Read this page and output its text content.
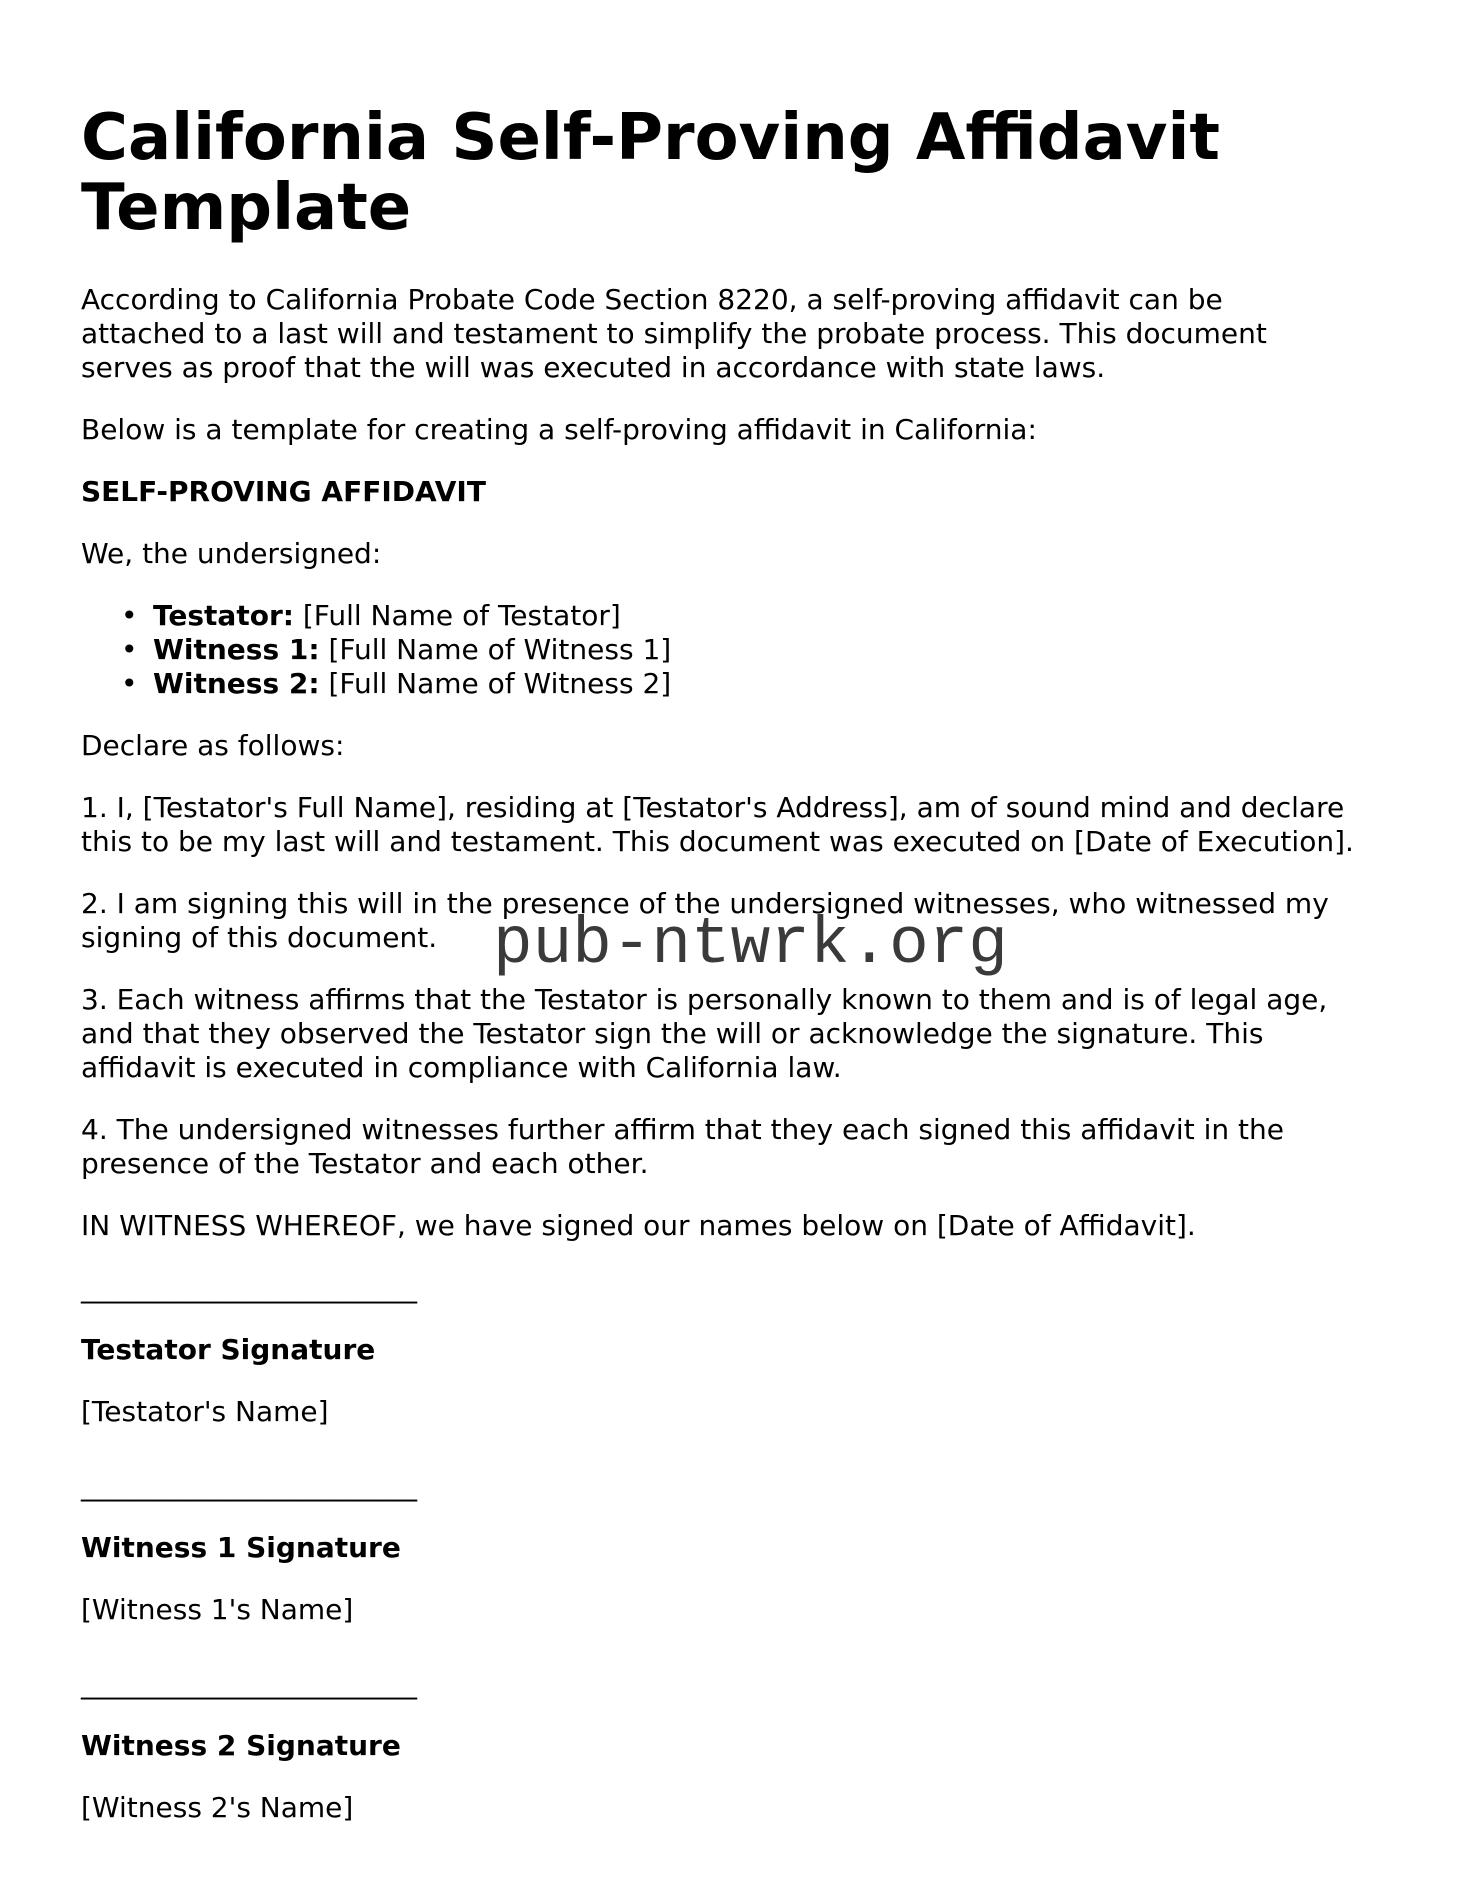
California Self-Proving Affidavit
Template

According to California Probate Code Section 8220, a self-proving affidavit can be
attached to a last will and testament to simplify the probate process. This document
serves as proof that the will was executed in accordance with state laws.

Below is a template for creating a self-proving affidavit in California:

SELF-PROVING AFFIDAVIT

We, the undersigned:

• Testator: [Full Name of Testator]
• Witness 1: [Full Name of Witness 1]
• Witness 2: [Full Name of Witness 2]

Declare as follows:

1. I, [Testator's Full Name], residing at [Testator's Address], am of sound mind and declare
this to be my last will and testament. This document was executed on [Date of Execution].

2. I am signing this will in the presence of the undersigned witnesses, who witnessed my
signing of this document.

3. Each witness affirms that the Testator is personally known to them and is of legal age,
and that they observed the Testator sign the will or acknowledge the signature. This
affidavit is executed in compliance with California law.

4. The undersigned witnesses further affirm that they each signed this affidavit in the
presence of the Testator and each other.

IN WITNESS WHEREOF, we have signed our names below on [Date of Affidavit].

________________________

Testator Signature

[Testator's Name]

________________________

Witness 1 Signature

[Witness 1's Name]

________________________

Witness 2 Signature

[Witness 2's Name]

pub-ntwrk.org
